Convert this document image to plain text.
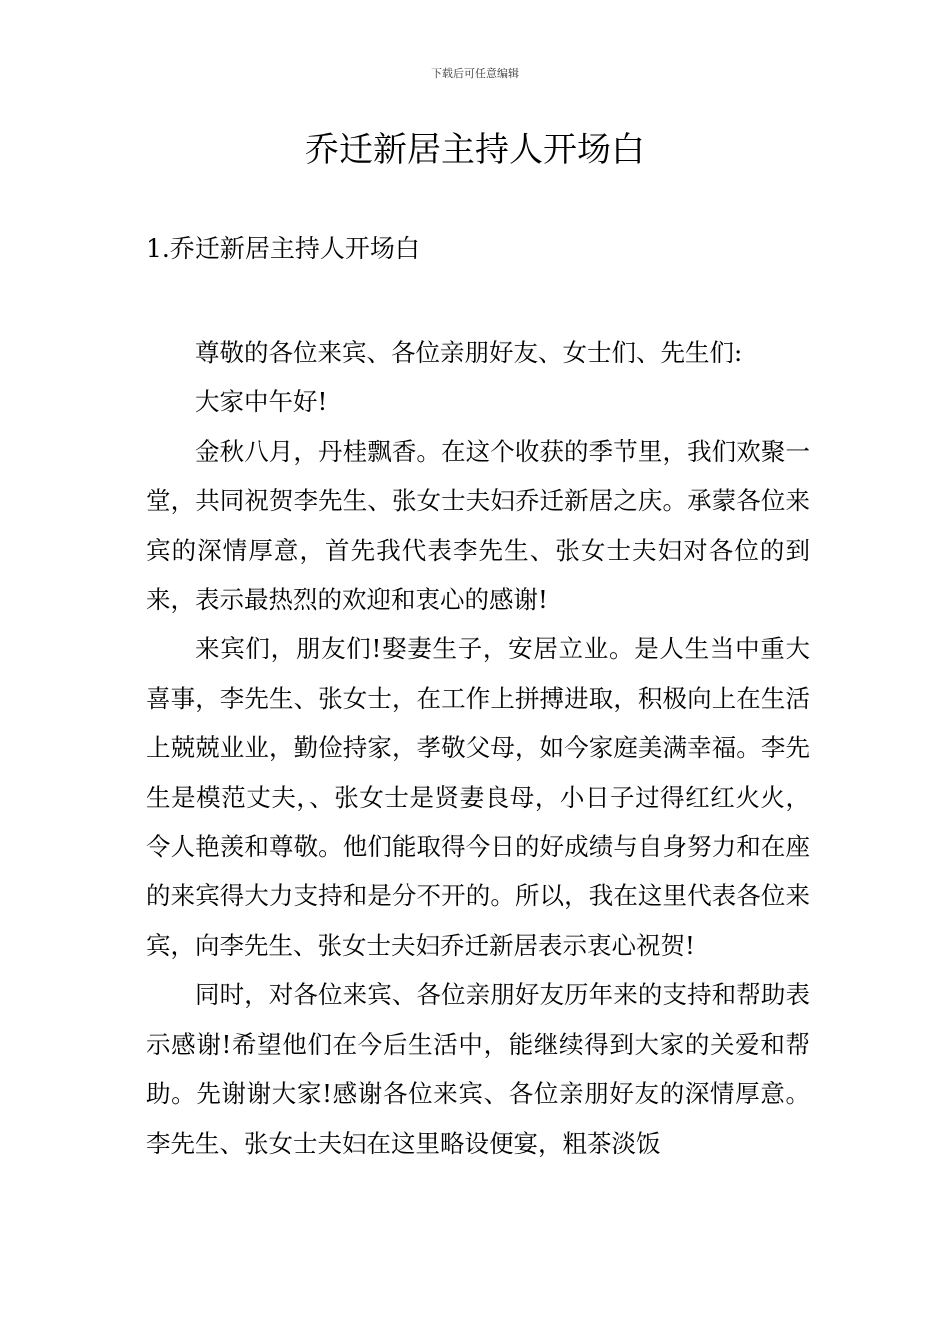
下载后可任意编辑
乔迁新居主持人开场白
1.乔迁新居主持人开场白

尊敬的各位来宾、各位亲朋好友、女士们、先生们:

大家中午好!

金秋八月，丹桂飘香。在这个收获的季节里，我们欢聚一堂，共同祝贺李先生、张女士夫妇乔迁新居之庆。承蒙各位来宾的深情厚意，首先我代表李先生、张女士夫妇对各位的到来，表示最热烈的欢迎和衷心的感谢!

来宾们，朋友们!娶妻生子，安居立业。是人生当中重大喜事，李先生、张女士，在工作上拼搏进取，积极向上在生活上兢兢业业，勤俭持家，孝敬父母，如今家庭美满幸福。李先生是模范丈夫，、张女士是贤妻良母，小日子过得红红火火，令人艳羡和尊敬。他们能取得今日的好成绩与自身努力和在座的来宾得大力支持和是分不开的。所以，我在这里代表各位来宾，向李先生、张女士夫妇乔迁新居表示衷心祝贺!

同时，对各位来宾、各位亲朋好友历年来的支持和帮助表示感谢!希望他们在今后生活中，能继续得到大家的关爱和帮助。先谢谢大家!感谢各位来宾、各位亲朋好友的深情厚意。李先生、张女士夫妇在这里略设便宴，粗茶淡饭
